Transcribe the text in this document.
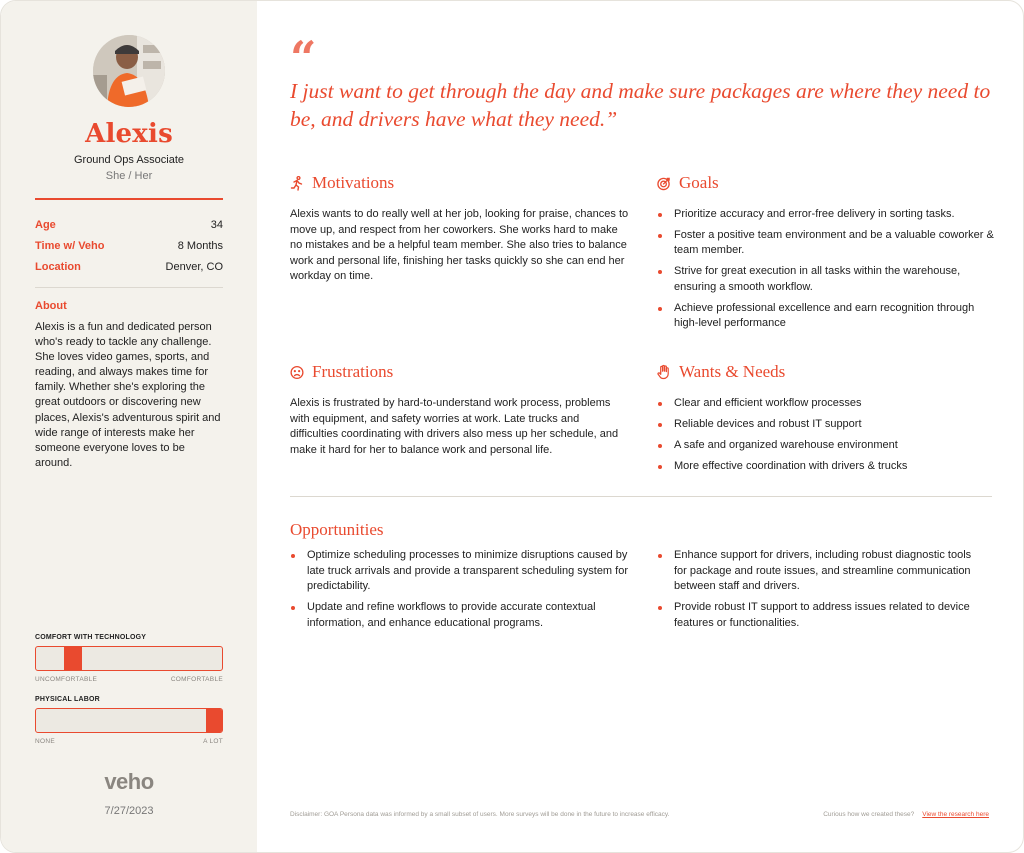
Alexis
Ground Ops Associate
She / Her
Age	34
Time w/ Veho	8 Months
Location	Denver, CO
About
Alexis is a fun and dedicated person who's ready to tackle any challenge. She loves video games, sports, and reading, and always makes time for family. Whether she's exploring the great outdoors or discovering new places, Alexis's adventurous spirit and wide range of interests make her someone everyone loves to be around.
COMFORT WITH TECHNOLOGY
UNCOMFORTABLE	COMFORTABLE
PHYSICAL LABOR
NONE	A LOT
veho
7/27/2023
“
I just want to get through the day and make sure packages are where they need to be, and drivers have what they need.”
Motivations
Alexis wants to do really well at her job, looking for praise, chances to move up, and respect from her coworkers. She works hard to make no mistakes and be a helpful team member. She also tries to balance work and personal life, finishing her tasks quickly so she can end her workday on time.
Goals
Prioritize accuracy and error-free delivery in sorting tasks.
Foster a positive team environment and be a valuable coworker & team member.
Strive for great execution in all tasks within the warehouse, ensuring a smooth workflow.
Achieve professional excellence and earn recognition through high-level performance
Frustrations
Alexis is frustrated by hard-to-understand work process, problems with equipment, and safety worries at work. Late trucks and difficulties coordinating with drivers also mess up her schedule, and make it hard for her to balance work and personal life.
Wants & Needs
Clear and efficient workflow processes
Reliable devices and robust IT support
A safe and organized warehouse environment
More effective coordination with drivers & trucks
Opportunities
Optimize scheduling processes to minimize disruptions caused by late truck arrivals and provide a transparent scheduling system for predictability.
Update and refine workflows to provide accurate contextual information, and enhance educational programs.
Enhance support for drivers, including robust diagnostic tools for package and route issues, and streamline communication between staff and drivers.
Provide robust IT support to address issues related to device features or functionalities.
Disclaimer: GOA Persona data was informed by a small subset of users. More surveys will be done in the future to increase efficacy.	Curious how we created these? View the research here
